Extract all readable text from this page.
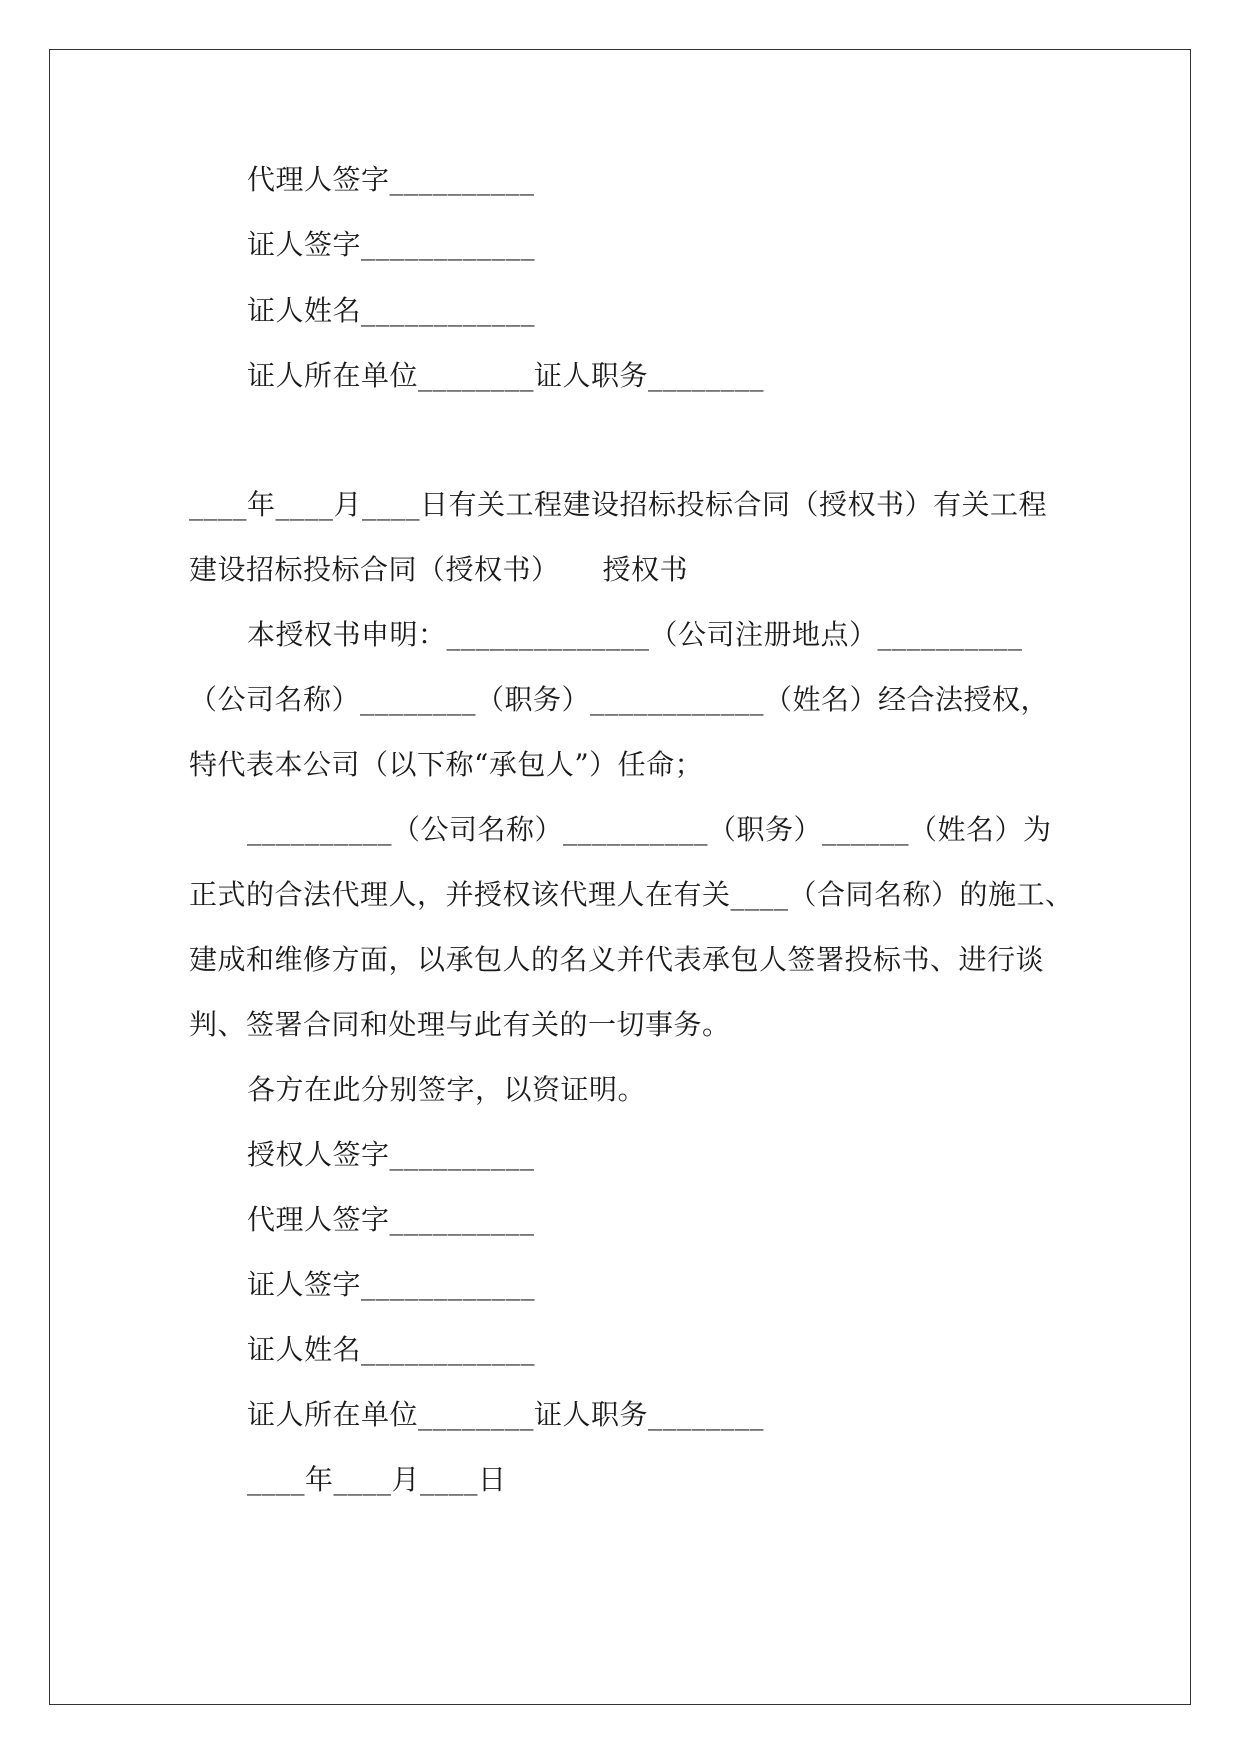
代理人签字__________
证人签字____________
证人姓名____________
证人所在单位________证人职务________
____年____月____日有关工程建设招标投标合同（授权书）有关工程
建设招标投标合同（授权书）　　授权书
本授权书申明：______________（公司注册地点）__________
（公司名称）________（职务）____________（姓名）经合法授权，
特代表本公司（以下称“承包人”）任命；
__________（公司名称）__________（职务）______（姓名）为
正式的合法代理人，并授权该代理人在有关____（合同名称）的施工、
建成和维修方面，以承包人的名义并代表承包人签署投标书、进行谈
判、签署合同和处理与此有关的一切事务。
各方在此分别签字，以资证明。
授权人签字__________
代理人签字__________
证人签字____________
证人姓名____________
证人所在单位________证人职务________
____年____月____日
